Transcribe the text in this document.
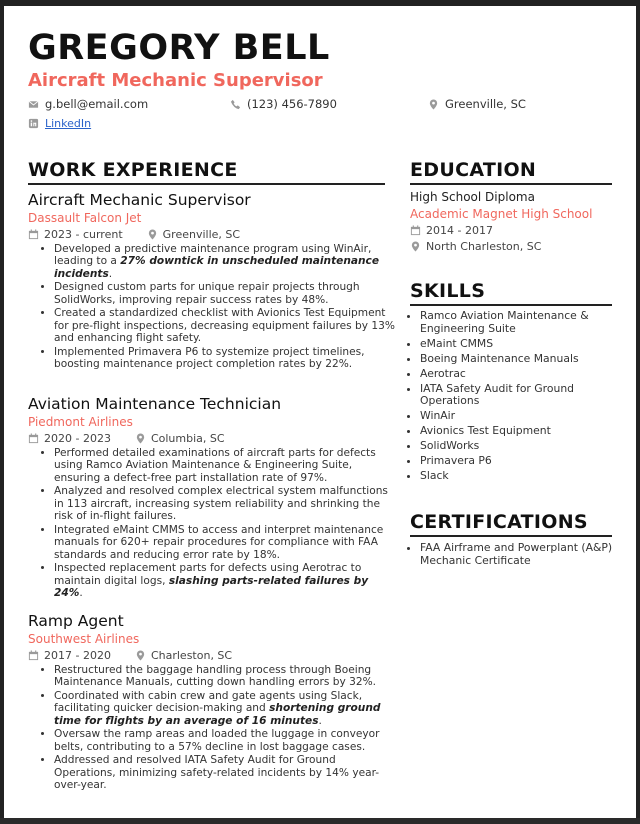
GREGORY BELL
Aircraft Mechanic Supervisor
g.bell@email.com	(123) 456-7890	Greenville, SC
LinkedIn
WORK EXPERIENCE
Aircraft Mechanic Supervisor
Dassault Falcon Jet
2023 - current	Greenville, SC
• Developed a predictive maintenance program using WinAir, leading to a 27% downtick in unscheduled maintenance incidents.
• Designed custom parts for unique repair projects through SolidWorks, improving repair success rates by 48%.
• Created a standardized checklist with Avionics Test Equipment for pre-flight inspections, decreasing equipment failures by 13% and enhancing flight safety.
• Implemented Primavera P6 to systemize project timelines, boosting maintenance project completion rates by 22%.
Aviation Maintenance Technician
Piedmont Airlines
2020 - 2023	Columbia, SC
• Performed detailed examinations of aircraft parts for defects using Ramco Aviation Maintenance & Engineering Suite, ensuring a defect-free part installation rate of 97%.
• Analyzed and resolved complex electrical system malfunctions in 113 aircraft, increasing system reliability and shrinking the risk of in-flight failures.
• Integrated eMaint CMMS to access and interpret maintenance manuals for 620+ repair procedures for compliance with FAA standards and reducing error rate by 18%.
• Inspected replacement parts for defects using Aerotrac to maintain digital logs, slashing parts-related failures by 24%.
Ramp Agent
Southwest Airlines
2017 - 2020	Charleston, SC
• Restructured the baggage handling process through Boeing Maintenance Manuals, cutting down handling errors by 32%.
• Coordinated with cabin crew and gate agents using Slack, facilitating quicker decision-making and shortening ground time for flights by an average of 16 minutes.
• Oversaw the ramp areas and loaded the luggage in conveyor belts, contributing to a 57% decline in lost baggage cases.
• Addressed and resolved IATA Safety Audit for Ground Operations, minimizing safety-related incidents by 14% year-over-year.
EDUCATION
High School Diploma
Academic Magnet High School
2014 - 2017
North Charleston, SC
SKILLS
• Ramco Aviation Maintenance & Engineering Suite
• eMaint CMMS
• Boeing Maintenance Manuals
• Aerotrac
• IATA Safety Audit for Ground Operations
• WinAir
• Avionics Test Equipment
• SolidWorks
• Primavera P6
• Slack
CERTIFICATIONS
• FAA Airframe and Powerplant (A&P) Mechanic Certificate
